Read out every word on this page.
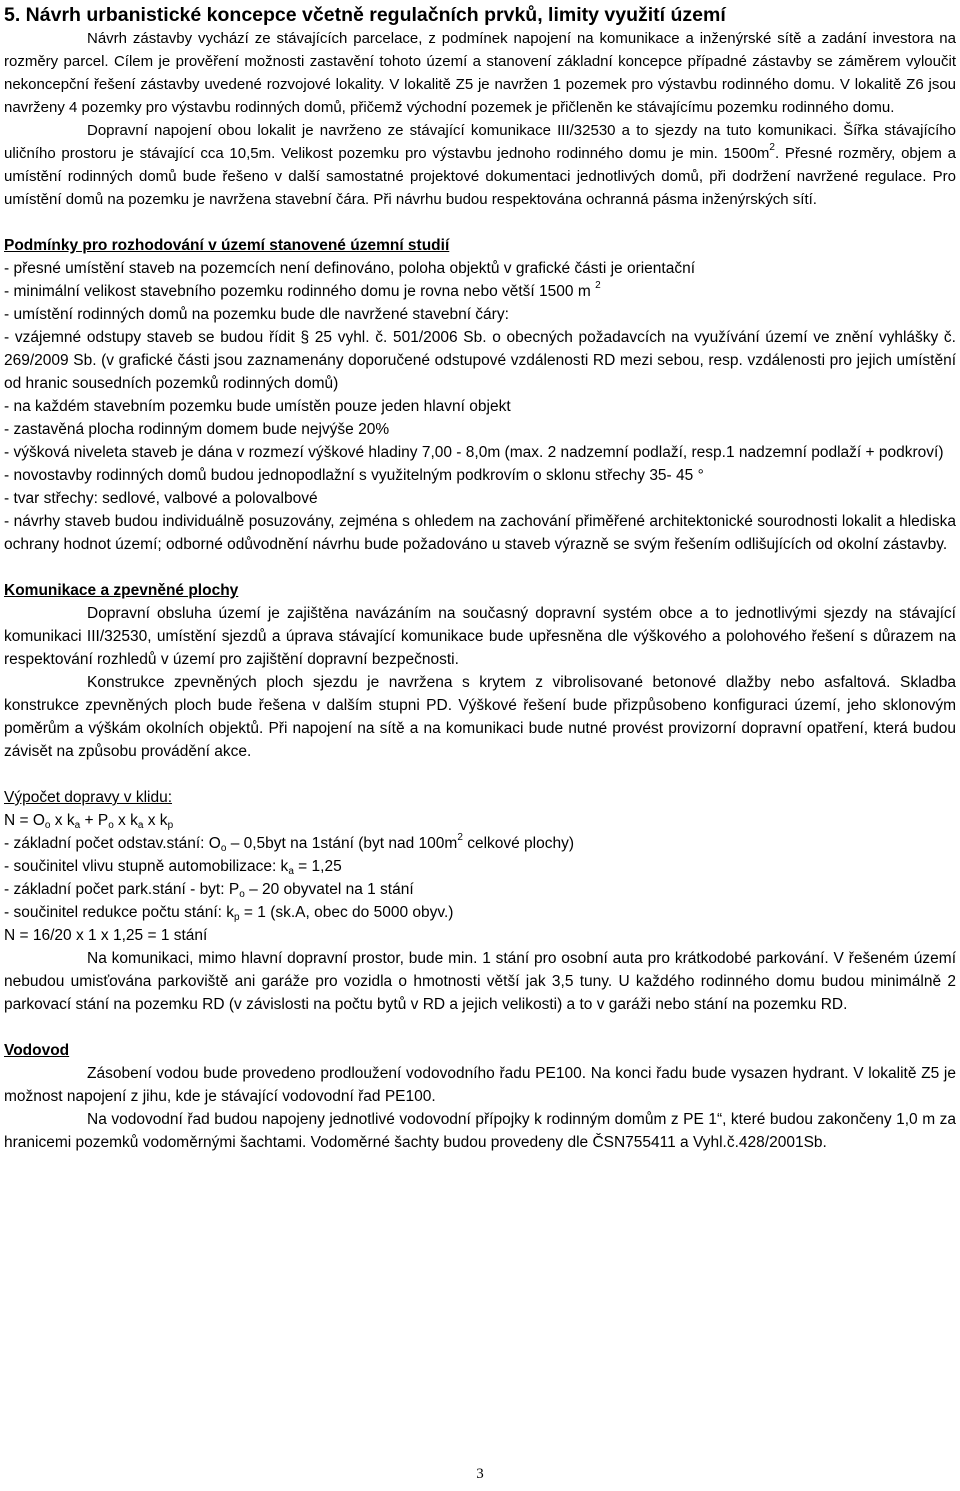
5. Návrh urbanistické koncepce včetně regulačních prvků, limity využití území

Návrh zástavby vychází ze stávajících parcelace, z podmínek napojení na komunikace a inženýrské sítě a zadání investora na rozměry parcel. Cílem je prověření možnosti zastavění tohoto území a stanovení základní koncepce případné zástavby se záměrem vyloučit nekoncepční řešení zástavby uvedené rozvojové lokality. V lokalitě Z5 je navržen 1 pozemek pro výstavbu rodinného domu. V lokalitě Z6 jsou navrženy 4 pozemky pro výstavbu rodinných domů, přičemž východní pozemek je přičleněn ke stávajícímu pozemku rodinného domu.

Dopravní napojení obou lokalit je navrženo ze stávající komunikace III/32530 a to sjezdy na tuto komunikaci. Šířka stávajícího uličního prostoru je stávající cca 10,5m. Velikost pozemku pro výstavbu jednoho rodinného domu je min. $1500m^2$. Přesné rozměry, objem a umístění rodinných domů bude řešeno v další samostatné projektové dokumentaci jednotlivých domů, při dodržení navržené regulace. Pro umístění domů na pozemku je navržena stavební čára. Při návrhu budou respektována ochranná pásma inženýrských sítí.

Podmínky pro rozhodování v území stanovené územní studií

- přesné umístění staveb na pozemcích není definováno, poloha objektů v grafické části je orientační

- minimální velikost stavebního pozemku rodinného domu je rovna nebo větší 1500 m $^2$

- umístění rodinných domů na pozemku bude dle navržené stavební čáry:

- vzájemné odstupy staveb se budou řídit § 25 vyhl. č. 501/2006 Sb. o obecných požadavcích na využívání území ve znění vyhlášky č. 269/2009 Sb. (v grafické části jsou zaznamenány doporučené odstupové vzdálenosti RD mezi sebou, resp. vzdálenosti pro jejich umístění od hranic sousedních pozemků rodinných domů)

- na každém stavebním pozemku bude umístěn pouze jeden hlavní objekt

- zastavěná plocha rodinným domem bude nejvýše 20%

- výšková niveleta staveb je dána v rozmezí výškové hladiny 7,00 - 8,0m (max. 2 nadzemní podlaží, resp.1 nadzemní podlaží + podkroví)

- novostavby rodinných domů budou jednopodlažní s využitelným podkrovím o sklonu střechy 35- 45 °

- tvar střechy: sedlové, valbové a polovalbové

- návrhy staveb budou individuálně posuzovány, zejména s ohledem na zachování přiměřené architektonické sourodnosti lokalit a hlediska ochrany hodnot území; odborné odůvodnění návrhu bude požadováno u staveb výrazně se svým řešením odlišujících od okolní zástavby.

Komunikace a zpevněné plochy

Dopravní obsluha území je zajištěna navázáním na současný dopravní systém obce a to jednotlivými sjezdy na stávající komunikaci III/32530, umístění sjezdů a úprava stávající komunikace bude upřesněna dle výškového a polohového řešení s důrazem na respektování rozhledů v území pro zajištění dopravní bezpečnosti.

Konstrukce zpevněných ploch sjezdu je navržena s krytem z vibrolisované betonové dlažby nebo asfaltová. Skladba konstrukce zpevněných ploch bude řešena v dalším stupni PD. Výškové řešení bude přizpůsobeno konfiguraci území, jeho sklonovým poměrům a výškám okolních objektů. Při napojení na sítě a na komunikaci bude nutné provést provizorní dopravní opatření, která budou závisět na způsobu provádění akce.

Výpočet dopravy v klidu:

$N = O_o$ x $k_a + P_o$ x $k_a$ x $k_p$

- základní počet odstav.stání: $O_o - 0,5byt$ na 1stání (byt nad $100m^2$ celkové plochy)

- součinitel vlivu stupně automobilizace: $k_a = 1,25$

- základní počet park.stání - byt: $P_o - 20$ obyvatel na 1 stání

- součinitel redukce počtu stání: $k_p = 1$ (sk.A, obec do 5000 obyv.)

N = 16/20 x 1 x 1,25 = 1 stání

Na komunikaci, mimo hlavní dopravní prostor, bude min. 1 stání pro osobní auta pro krátkodobé parkování. V řešeném území nebudou umisťována parkoviště ani garáže pro vozidla o hmotnosti větší jak 3,5 tuny. U každého rodinného domu budou minimálně 2 parkovací stání na pozemku RD (v závislosti na počtu bytů v RD a jejich velikosti) a to v garáži nebo stání na pozemku RD.

Vodovod

Zásobení vodou bude provedeno prodloužení vodovodního řadu PE100. Na konci řadu bude vysazen hydrant. V lokalitě Z5 je možnost napojení z jihu, kde je stávající vodovodní řad PE100.

Na vodovodní řad budou napojeny jednotlivé vodovodní přípojky k rodinným domům z PE 1“, které budou zakončeny 1,0 m za hranicemi pozemků vodoměrnými šachtami. Vodoměrné šachty budou provedeny dle ČSN755411 a Vyhl.č.428/2001Sb.

3
